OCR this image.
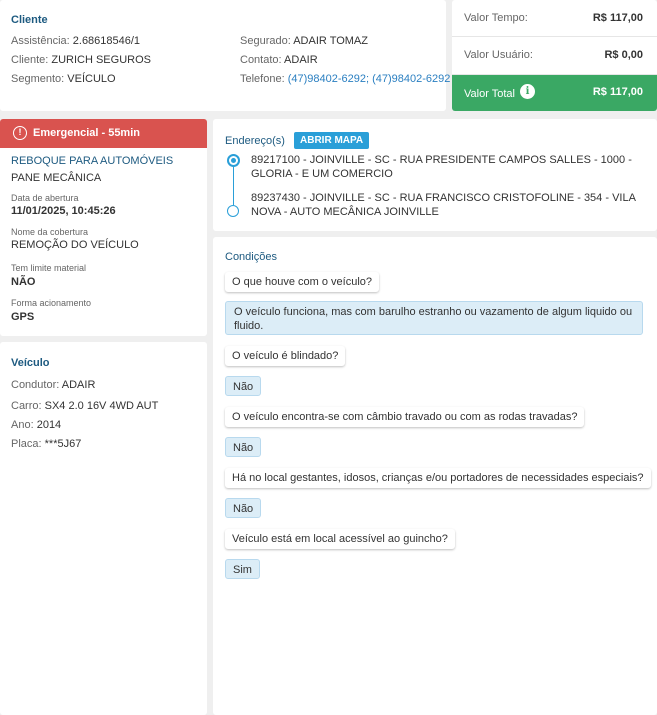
Cliente
Assistência: 2.68618546/1
Cliente: ZURICH SEGUROS
Segmento: VEÍCULO
Segurado: ADAIR TOMAZ
Contato: ADAIR
Telefone: (47)98402-6292; (47)98402-6292
Valor Tempo:	R$ 117,00
Valor Usuário:	R$ 0,00
Valor Total	i	R$ 117,00
!	Emergencial - 55min
REBOQUE PARA AUTOMÓVEIS
PANE MECÂNICA
Data de abertura
11/01/2025, 10:45:26
Nome da cobertura
REMOÇÃO DO VEÍCULO
Tem limite material
NÃO
Forma acionamento
GPS
Veículo
Condutor: ADAIR
Carro: SX4 2.0 16V 4WD AUT
Ano: 2014
Placa: ***5J67
Endereço(s)	ABRIR MAPA
89217100 - JOINVILLE - SC - RUA PRESIDENTE CAMPOS SALLES - 1000 - GLORIA - E UM COMERCIO
89237430 - JOINVILLE - SC - RUA FRANCISCO CRISTOFOLINE - 354 - VILA NOVA - AUTO MECÂNICA JOINVILLE
Condições
O que houve com o veículo?
O veículo funciona, mas com barulho estranho ou vazamento de algum liquido ou fluido.
O veículo é blindado?
Não
O veículo encontra-se com câmbio travado ou com as rodas travadas?
Não
Há no local gestantes, idosos, crianças e/ou portadores de necessidades especiais?
Não
Veículo está em local acessível ao guincho?
Sim
